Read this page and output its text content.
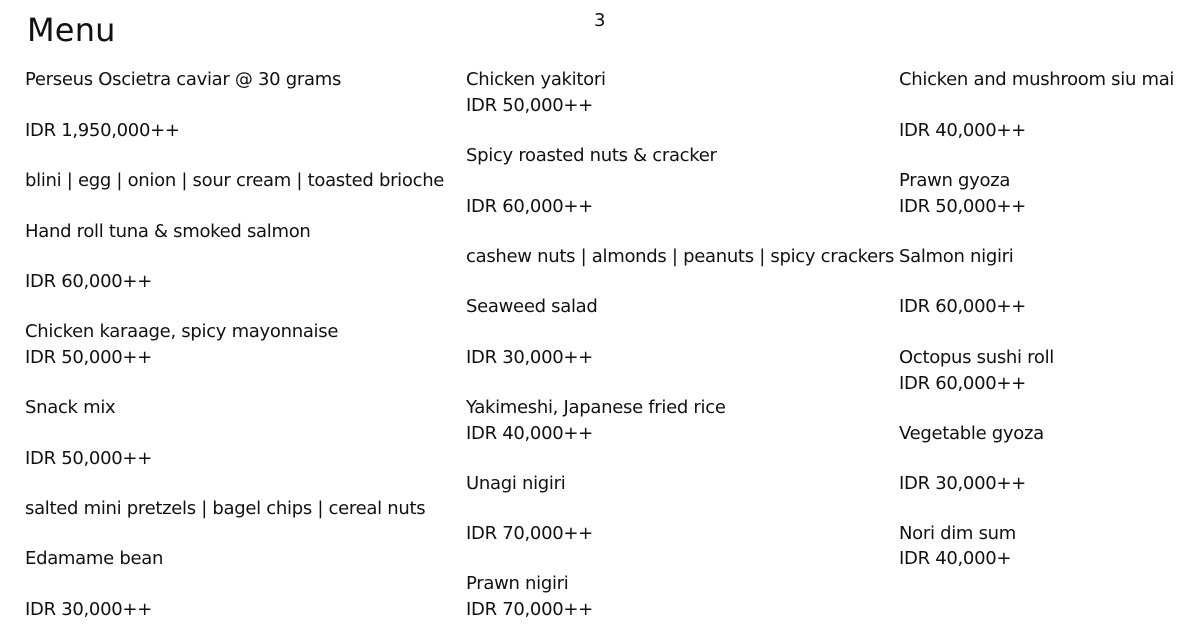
Menu	3
Perseus Oscietra caviar @ 30 grams
IDR 1,950,000++
blini | egg | onion | sour cream | toasted brioche
Hand roll tuna & smoked salmon
IDR 60,000++
Chicken karaage, spicy mayonnaise
IDR 50,000++
Snack mix
IDR 50,000++
salted mini pretzels | bagel chips | cereal nuts
Edamame bean
IDR 30,000++
Chicken yakitori
IDR 50,000++
Spicy roasted nuts & cracker
IDR 60,000++
cashew nuts | almonds | peanuts | spicy crackers
Seaweed salad
IDR 30,000++
Yakimeshi, Japanese fried rice
IDR 40,000++
Unagi nigiri
IDR 70,000++
Prawn nigiri
IDR 70,000++
Chicken and mushroom siu mai
IDR 40,000++
Prawn gyoza
IDR 50,000++
Salmon nigiri
IDR 60,000++
Octopus sushi roll
IDR 60,000++
Vegetable gyoza
IDR 30,000++
Nori dim sum
IDR 40,000+
